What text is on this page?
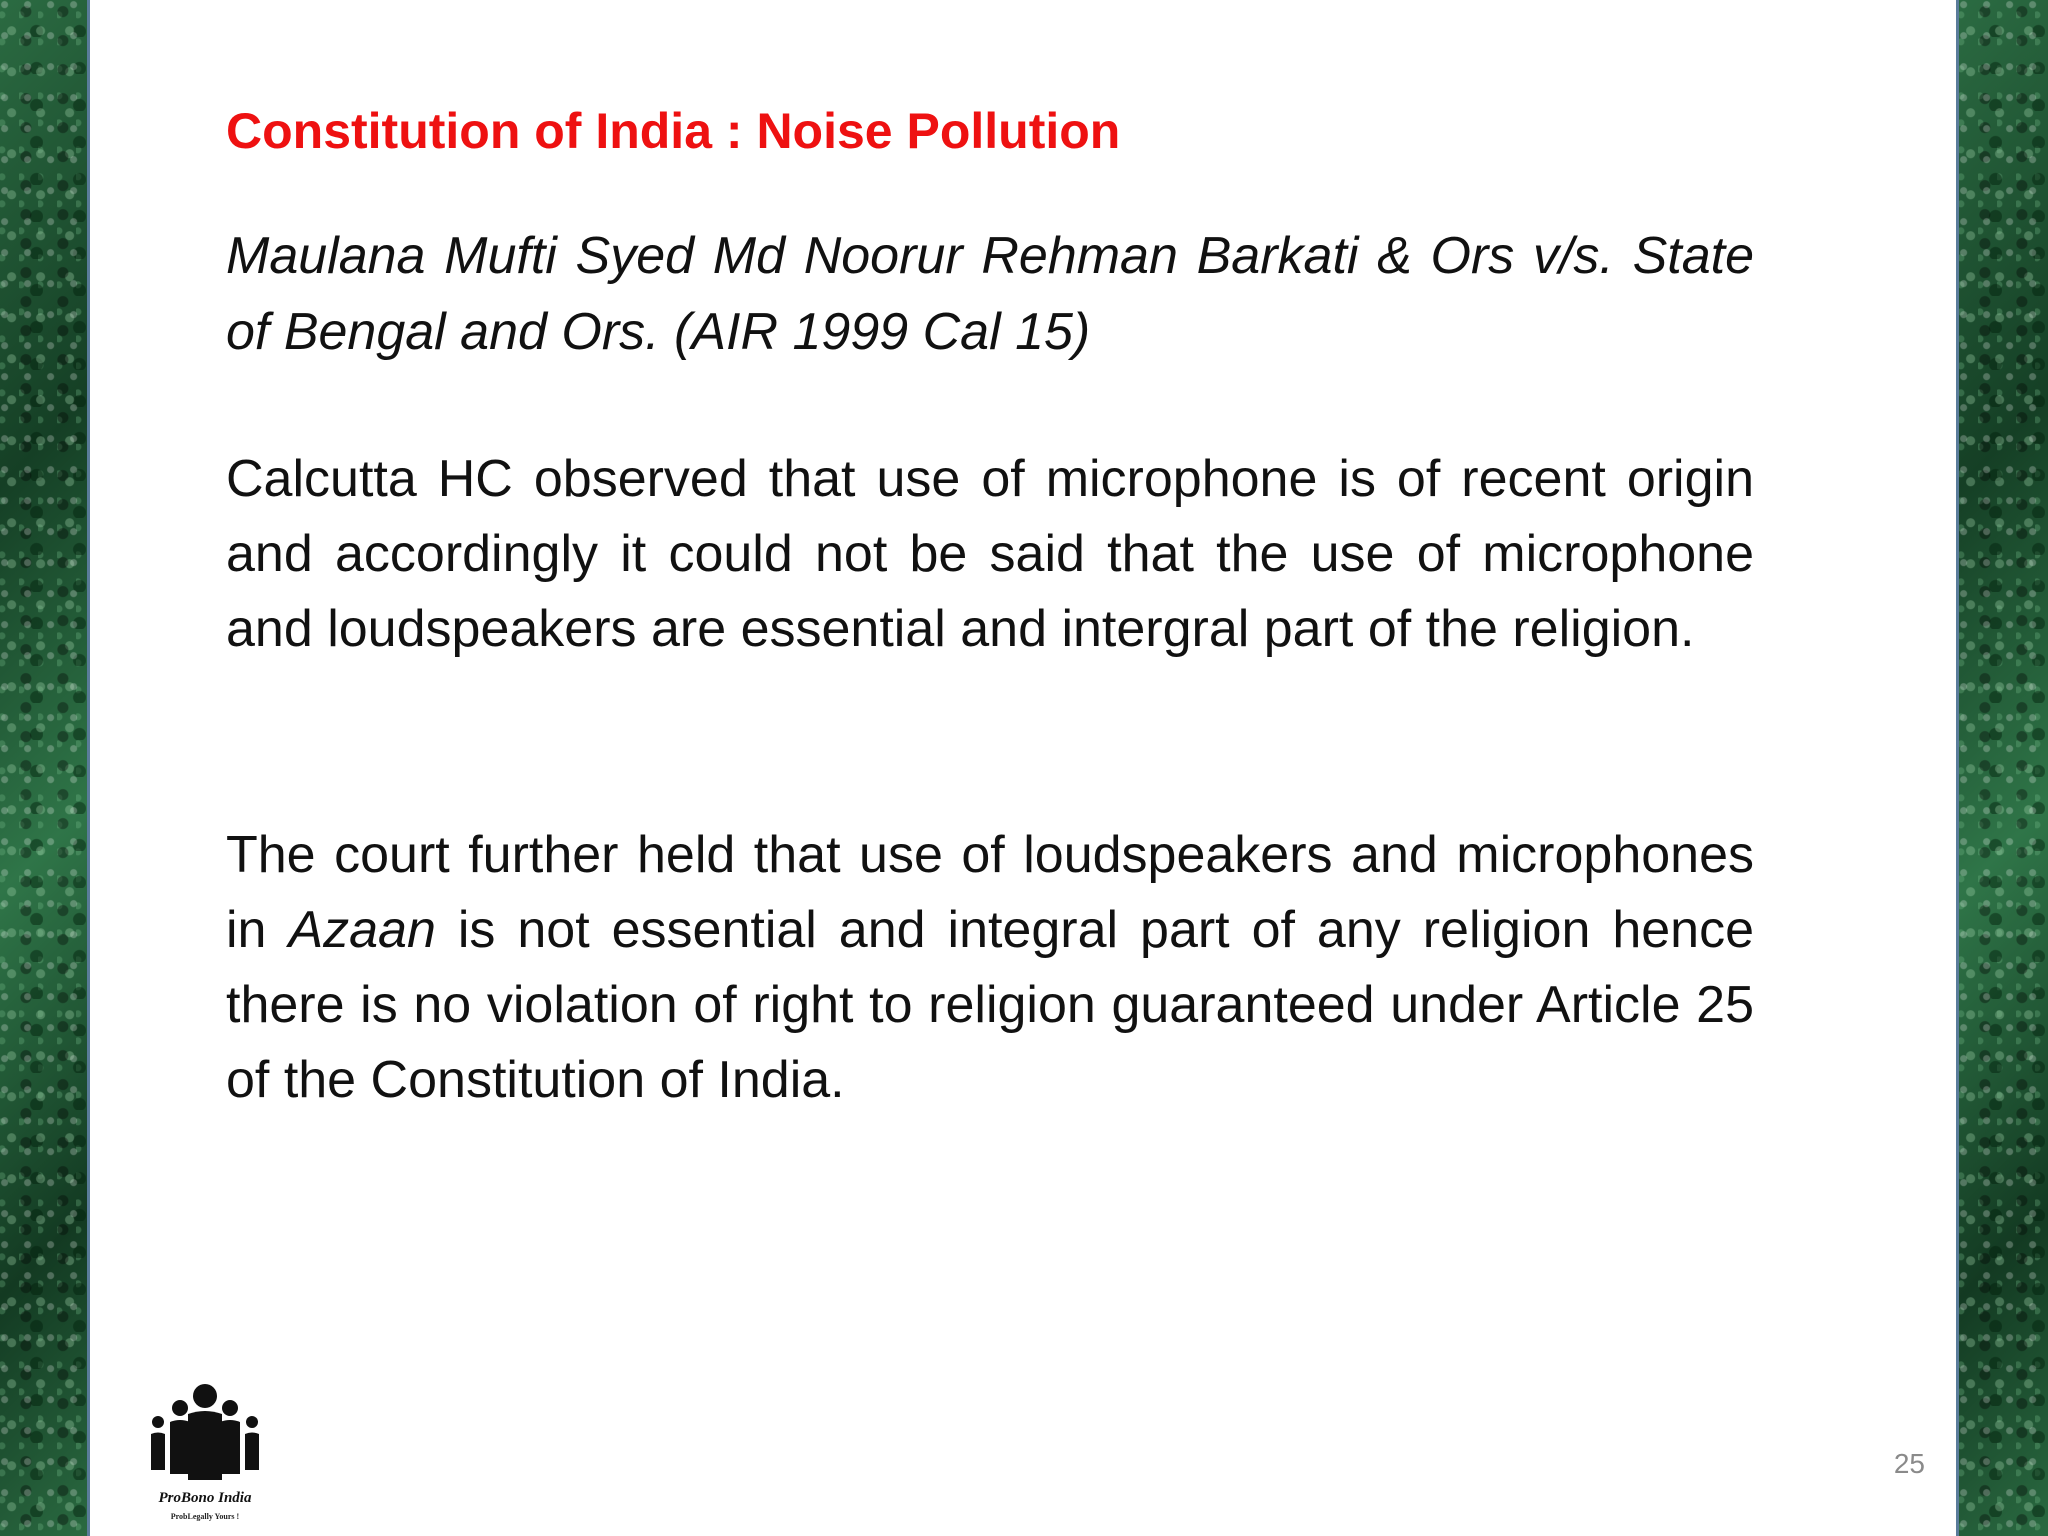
Constitution of India : Noise Pollution

Maulana Mufti Syed Md Noorur Rehman Barkati & Ors v/s. State of Bengal and Ors. (AIR 1999 Cal 15)

Calcutta HC observed that use of microphone is of recent origin and accordingly it could not be said that the use of microphone and loudspeakers are essential and intergral part of the religion.

The court further held that use of loudspeakers and microphones in Azaan is not essential and integral part of any religion hence there is no violation of right to religion guaranteed under Article 25 of the Constitution of India.

ProBono India
ProbLegally Yours !
25
